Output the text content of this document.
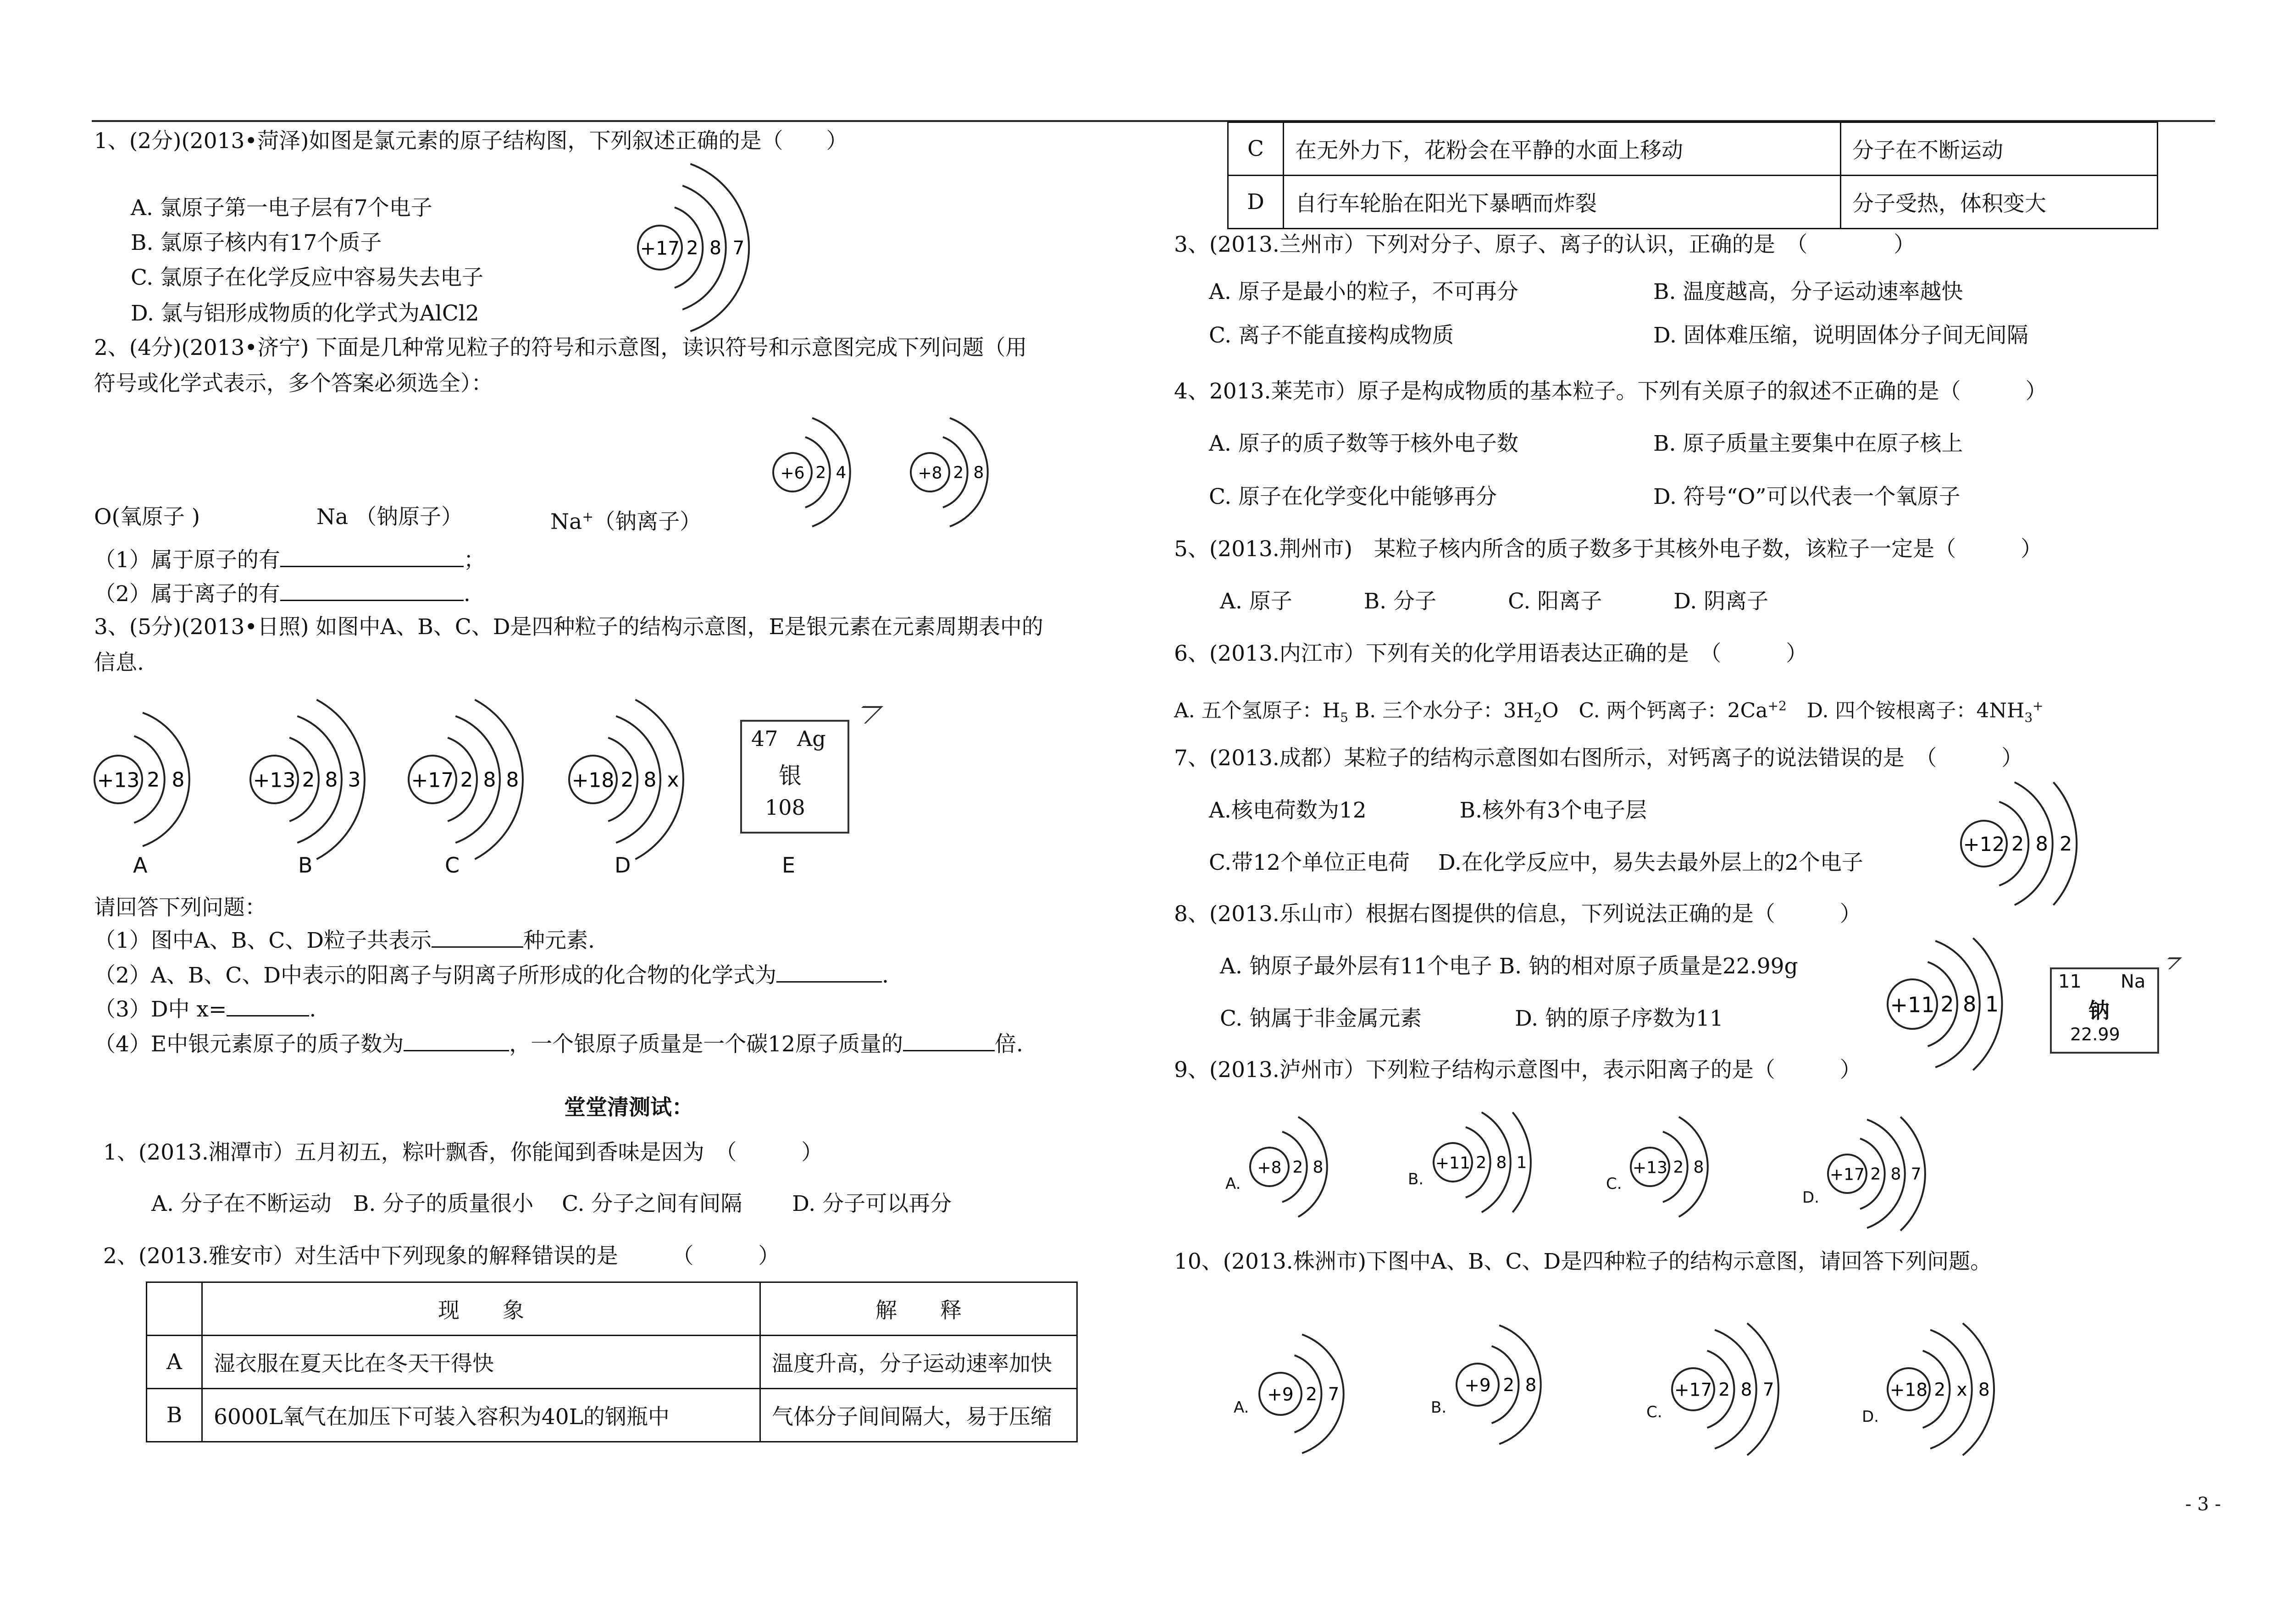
1、(2分)(2013•菏泽)如图是氯元素的原子结构图，下列叙述正确的是（　　）
A. 氯原子第一电子层有7个电子
B. 氯原子核内有17个质子
C. 氯原子在化学反应中容易失去电子
D. 氯与铝形成物质的化学式为AlCl2
+17 2 8 7
2、(4分)(2013•济宁) 下面是几种常见粒子的符号和示意图，读识符号和示意图完成下列问题（用
符号或化学式表示，多个答案必须选全）：
+6 2 4	+8 2 8
O(氧原子 )	Na （钠原子）	Na+（钠离子）
（1）属于原子的有	；
（2）属于离子的有	.
3、(5分)(2013•日照) 如图中A、B、C、D是四种粒子的结构示意图，E是银元素在元素周期表中的
信息.
+13 2 8	+13 2 8 3	+17 2 8 8	+18 2 8 x
47 Ag
银
108
A	B	C	D	E
请回答下列问题：
（1）图中A、B、C、D粒子共表示	种元素.
（2）A、B、C、D中表示的阳离子与阴离子所形成的化合物的化学式为	.
（3）D中 x=	.
（4）E中银元素原子的质子数为	，一个银原子质量是一个碳12原子质量的	倍.
堂堂清测试：
1、(2013.湘潭市）五月初五，粽叶飘香，你能闻到香味是因为　（　　　）
A. 分子在不断运动　B. 分子的质量很小　 C. 分子之间有间隔　　 D. 分子可以再分
2、(2013.雅安市）对生活中下列现象的解释错误的是　　　（　　　）
	现　　象	解　　释
A	湿衣服在夏天比在冬天干得快	温度升高，分子运动速率加快
B	6000L氧气在加压下可装入容积为40L的钢瓶中	气体分子间间隔大，易于压缩
C	在无外力下，花粉会在平静的水面上移动	分子在不断运动
D	自行车轮胎在阳光下暴晒而炸裂	分子受热，体积变大
3、(2013.兰州市）下列对分子、原子、离子的认识，正确的是　（　　　　）
A. 原子是最小的粒子，不可再分	B. 温度越高，分子运动速率越快
C. 离子不能直接构成物质	D. 固体难压缩，说明固体分子间无间隔
4、2013.莱芜市）原子是构成物质的基本粒子。下列有关原子的叙述不正确的是（　　　）
A. 原子的质子数等于核外电子数	B. 原子质量主要集中在原子核上
C. 原子在化学变化中能够再分	D. 符号“O”可以代表一个氧原子
5、(2013.荆州市)　某粒子核内所含的质子数多于其核外电子数，该粒子一定是（　　　）
A. 原子　　　 B. 分子　　　 C. 阳离子　　　 D. 阴离子
6、(2013.内江市）下列有关的化学用语表达正确的是　（　　　）
A. 五个氢原子：$H_5$ B. 三个水分子：$3H_2O$　C. 两个钙离子：$2Ca^{+2}$　D. 四个铵根离子：$4NH_3^+$
7、(2013.成都）某粒子的结构示意图如右图所示，对钙离子的说法错误的是　（　　　）
A.核电荷数为12　　　　 B.核外有3个电子层
C.带12个单位正电荷　 D.在化学反应中，易失去最外层上的2个电子
+12 2 8 2
8、(2013.乐山市）根据右图提供的信息，下列说法正确的是（　　　）
A. 钠原子最外层有11个电子 B. 钠的相对原子质量是22.99g
C. 钠属于非金属元素　　　　 D. 钠的原子序数为11
+11 2 8 1
11 Na
钠
22.99
9、(2013.泸州市）下列粒子结构示意图中，表示阳离子的是（　　　）
A.
+8 2 8
B.
+11 2 8 1
C.
+13 2 8
D.
+17 2 8 7
10、(2013.株洲市)下图中A、B、C、D是四种粒子的结构示意图，请回答下列问题。
A.
+9 2 7
B.
+9 2 8
C.
+17 2 8 7
D.
+18 2 x 8
- 3 -
